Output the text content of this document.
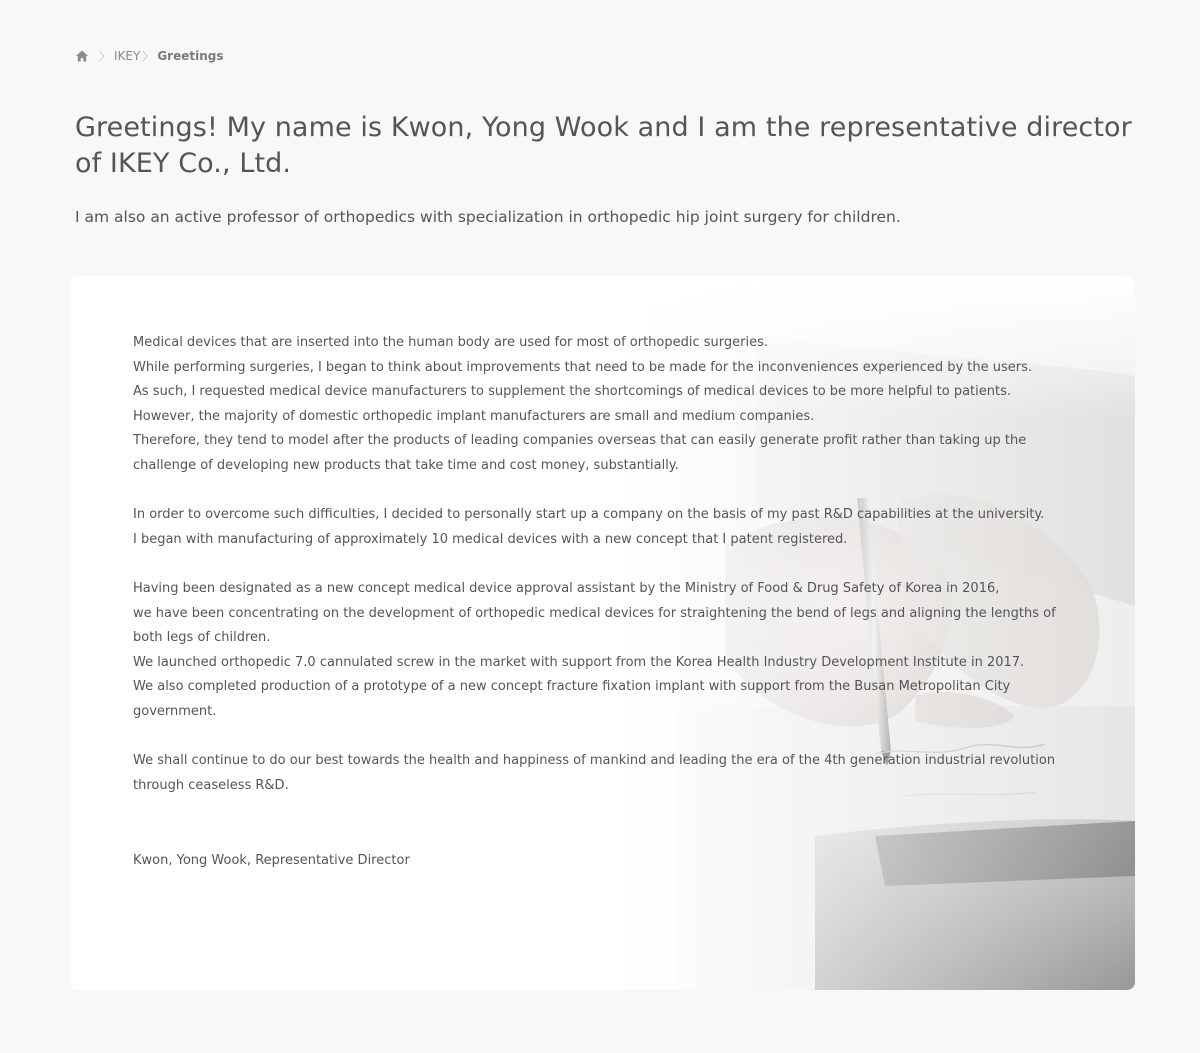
〉 IKEY 〉 Greetings
Greetings! My name is Kwon, Yong Wook and I am the representative director of IKEY Co., Ltd.

I am also an active professor of orthopedics with specialization in orthopedic hip joint surgery for children.

Medical devices that are inserted into the human body are used for most of orthopedic surgeries.

While performing surgeries, I began to think about improvements that need to be made for the inconveniences experienced by the users.

As such, I requested medical device manufacturers to supplement the shortcomings of medical devices to be more helpful to patients.

However, the majority of domestic orthopedic implant manufacturers are small and medium companies.

Therefore, they tend to model after the products of leading companies overseas that can easily generate profit rather than taking up the challenge of developing new products that take time and cost money, substantially.

In order to overcome such difficulties, I decided to personally start up a company on the basis of my past R&D capabilities at the university.

I began with manufacturing of approximately 10 medical devices with a new concept that I patent registered.

Having been designated as a new concept medical device approval assistant by the Ministry of Food & Drug Safety of Korea in 2016,

we have been concentrating on the development of orthopedic medical devices for straightening the bend of legs and aligning the lengths of both legs of children.

We launched orthopedic 7.0 cannulated screw in the market with support from the Korea Health Industry Development Institute in 2017.

We also completed production of a prototype of a new concept fracture fixation implant with support from the Busan Metropolitan City government.

We shall continue to do our best towards the health and happiness of mankind and leading the era of the 4th generation industrial revolution through ceaseless R&D.

Kwon, Yong Wook, Representative Director
